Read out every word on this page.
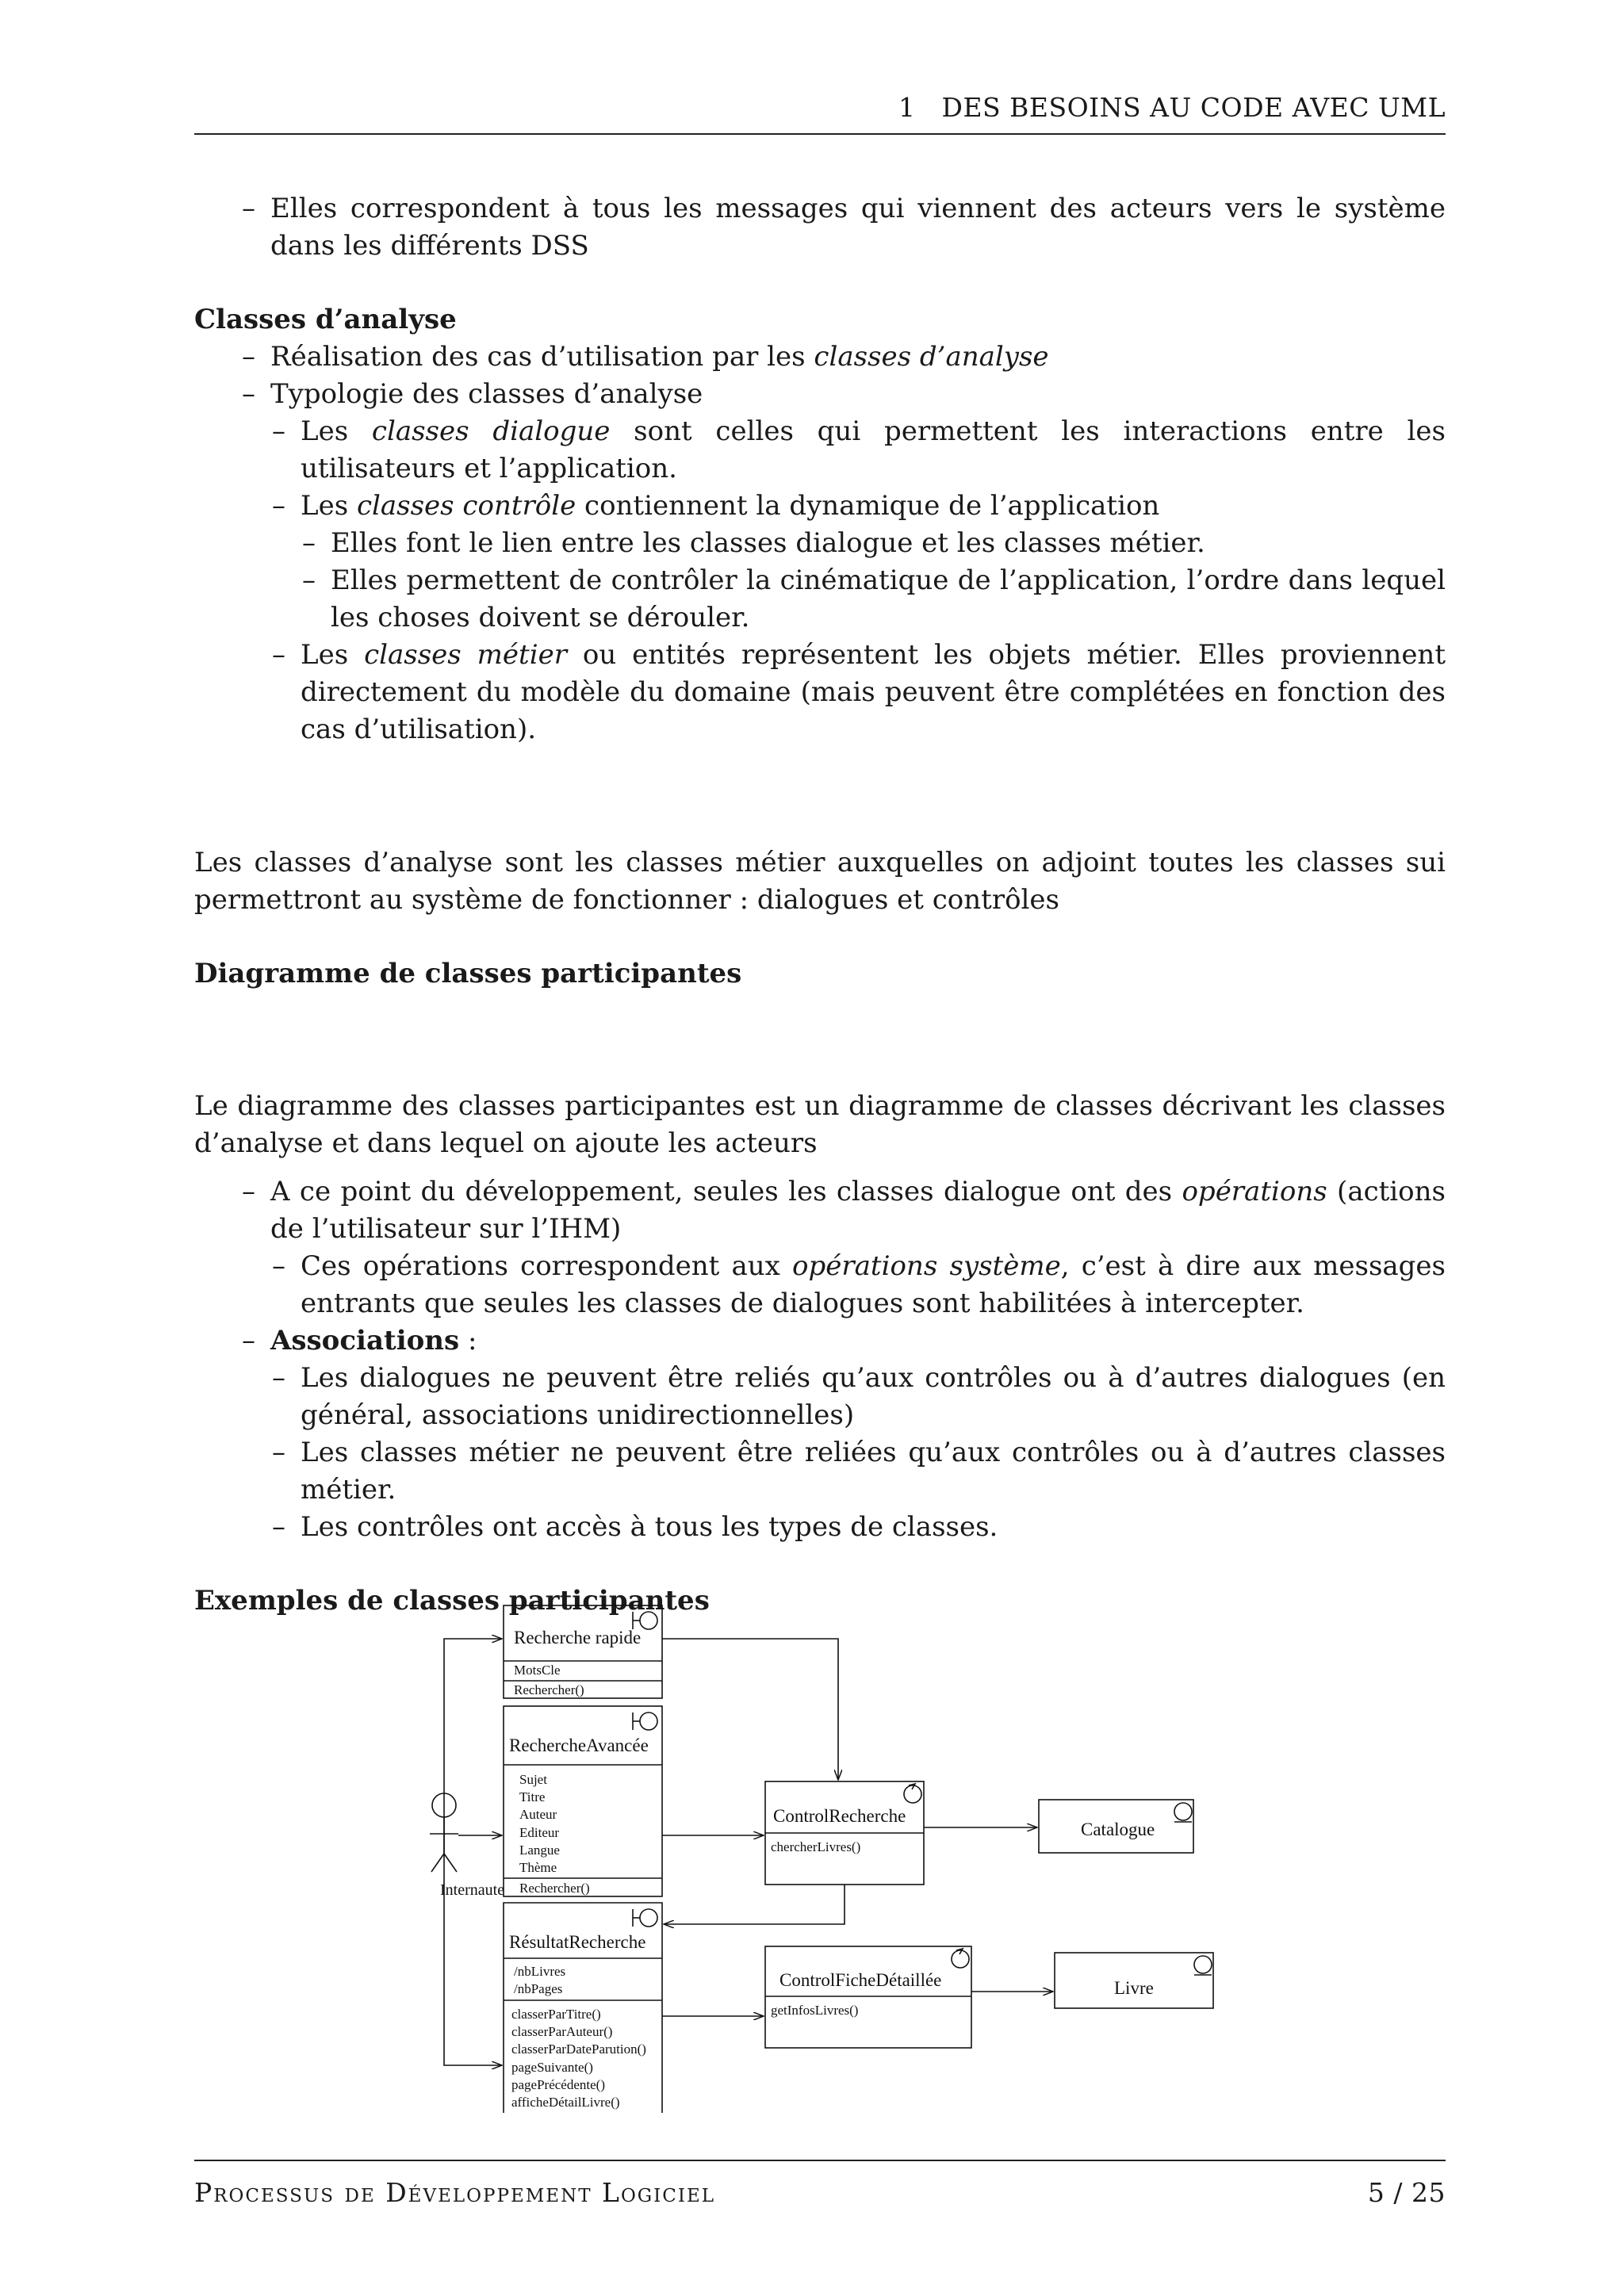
1 DES BESOINS AU CODE AVEC UML
– Elles correspondent à tous les messages qui viennent des acteurs vers le système dans les différents DSS
Classes d’analyse
– Réalisation des cas d’utilisation par les classes d’analyse
– Typologie des classes d’analyse
– Les classes dialogue sont celles qui permettent les interactions entre les utilisateurs et l’application.
– Les classes contrôle contiennent la dynamique de l’application
– Elles font le lien entre les classes dialogue et les classes métier.
– Elles permettent de contrôler la cinématique de l’application, l’ordre dans lequel les choses doivent se dérouler.
– Les classes métier ou entités représentent les objets métier. Elles proviennent directement du modèle du domaine (mais peuvent être complétées en fonction des cas d’utilisation).
Les classes d’analyse sont les classes métier auxquelles on adjoint toutes les classes sui permettront au système de fonctionner : dialogues et contrôles
Diagramme de classes participantes
Le diagramme des classes participantes est un diagramme de classes décrivant les classes d’analyse et dans lequel on ajoute les acteurs
– A ce point du développement, seules les classes dialogue ont des opérations (actions de l’utilisateur sur l’IHM)
– Ces opérations correspondent aux opérations système, c’est à dire aux messages entrants que seules les classes de dialogues sont habilitées à intercepter.
– Associations :
– Les dialogues ne peuvent être reliés qu’aux contrôles ou à d’autres dialogues (en général, associations unidirectionnelles)
– Les classes métier ne peuvent être reliées qu’aux contrôles ou à d’autres classes métier.
– Les contrôles ont accès à tous les types de classes.
Exemples de classes participantes
Internaute
Recherche rapide
MotsCle
Rechercher()
RechercheAvancée
Sujet
Titre
Auteur
Editeur
Langue
Thème
Rechercher()
RésultatRecherche
/nbLivres
/nbPages
classerParTitre()
classerParAuteur()
classerParDateParution()
pageSuivante()
pagePrécédente()
afficheDétailLivre()
ControlRecherche
chercherLivres()
Catalogue
ControlFicheDétaillée
getInfosLivres()
Livre
Processus de Développement Logiciel	5 / 25
